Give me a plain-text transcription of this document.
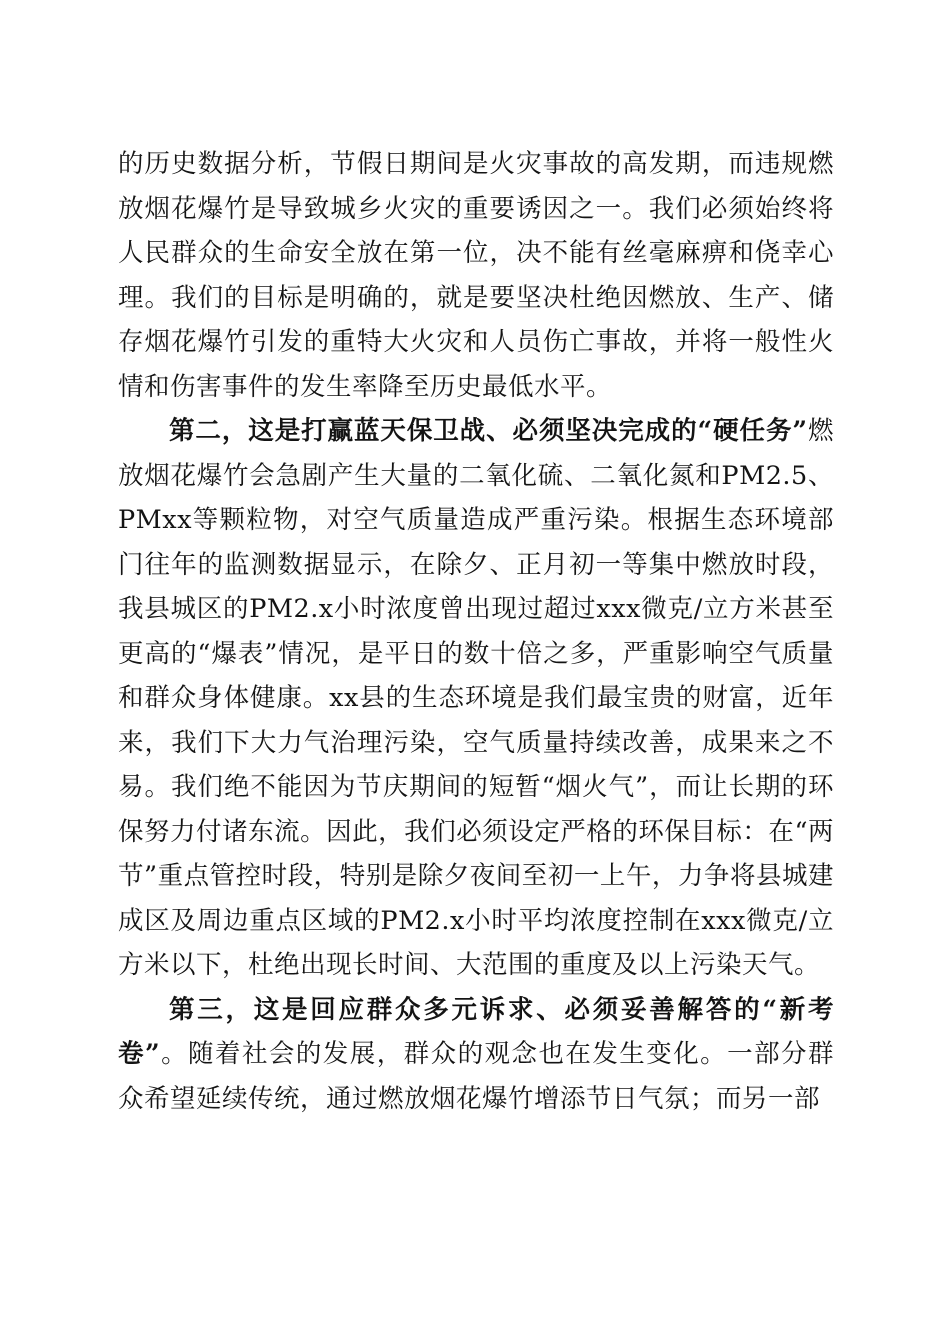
的历史数据分析，节假日期间是火灾事故的高发期，而违规燃放烟花爆竹是导致城乡火灾的重要诱因之一。我们必须始终将人民群众的生命安全放在第一位，决不能有丝毫麻痹和侥幸心理。我们的目标是明确的，就是要坚决杜绝因燃放、生产、储存烟花爆竹引发的重特大火灾和人员伤亡事故，并将一般性火情和伤害事件的发生率降至历史最低水平。

第二，这是打赢蓝天保卫战、必须坚决完成的“硬任务”燃放烟花爆竹会急剧产生大量的二氧化硫、二氧化氮和PM2.5、PMxx等颗粒物，对空气质量造成严重污染。根据生态环境部门往年的监测数据显示，在除夕、正月初一等集中燃放时段，我县城区的PM2.x小时浓度曾出现过超过xxx微克/立方米甚至更高的“爆表”情况，是平日的数十倍之多，严重影响空气质量和群众身体健康。xx县的生态环境是我们最宝贵的财富，近年来，我们下大力气治理污染，空气质量持续改善，成果来之不易。我们绝不能因为节庆期间的短暂“烟火气”，而让长期的环保努力付诸东流。因此，我们必须设定严格的环保目标：在“两节”重点管控时段，特别是除夕夜间至初一上午，力争将县城建成区及周边重点区域的PM2.x小时平均浓度控制在xxx微克/立方米以下，杜绝出现长时间、大范围的重度及以上污染天气。

第三，这是回应群众多元诉求、必须妥善解答的“新考卷”。随着社会的发展，群众的观念也在发生变化。一部分群众希望延续传统，通过燃放烟花爆竹增添节日气氛；而另一部
